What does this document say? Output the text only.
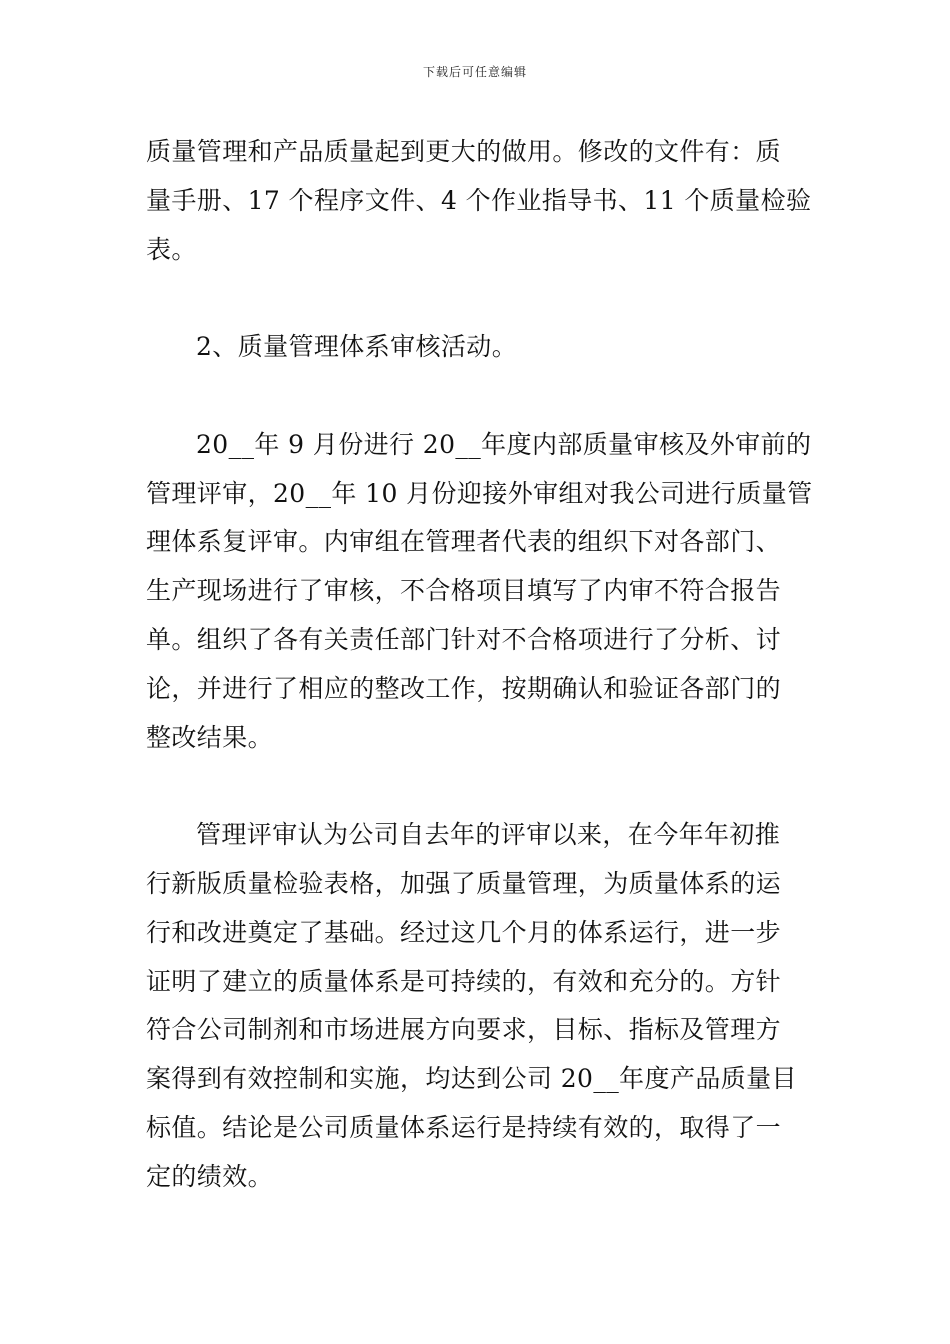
下载后可任意编辑
质量管理和产品质量起到更大的做用。修改的文件有：质
量手册、17 个程序文件、4 个作业指导书、11 个质量检验
表。
2、质量管理体系审核活动。
20__年 9 月份进行 20__年度内部质量审核及外审前的
管理评审，20__年 10 月份迎接外审组对我公司进行质量管
理体系复评审。内审组在管理者代表的组织下对各部门、
生产现场进行了审核，不合格项目填写了内审不符合报告
单。组织了各有关责任部门针对不合格项进行了分析、讨
论，并进行了相应的整改工作，按期确认和验证各部门的
整改结果。
管理评审认为公司自去年的评审以来，在今年年初推
行新版质量检验表格，加强了质量管理，为质量体系的运
行和改进奠定了基础。经过这几个月的体系运行，进一步
证明了建立的质量体系是可持续的，有效和充分的。方针
符合公司制剂和市场进展方向要求，目标、指标及管理方
案得到有效控制和实施，均达到公司 20__年度产品质量目
标值。结论是公司质量体系运行是持续有效的，取得了一
定的绩效。
